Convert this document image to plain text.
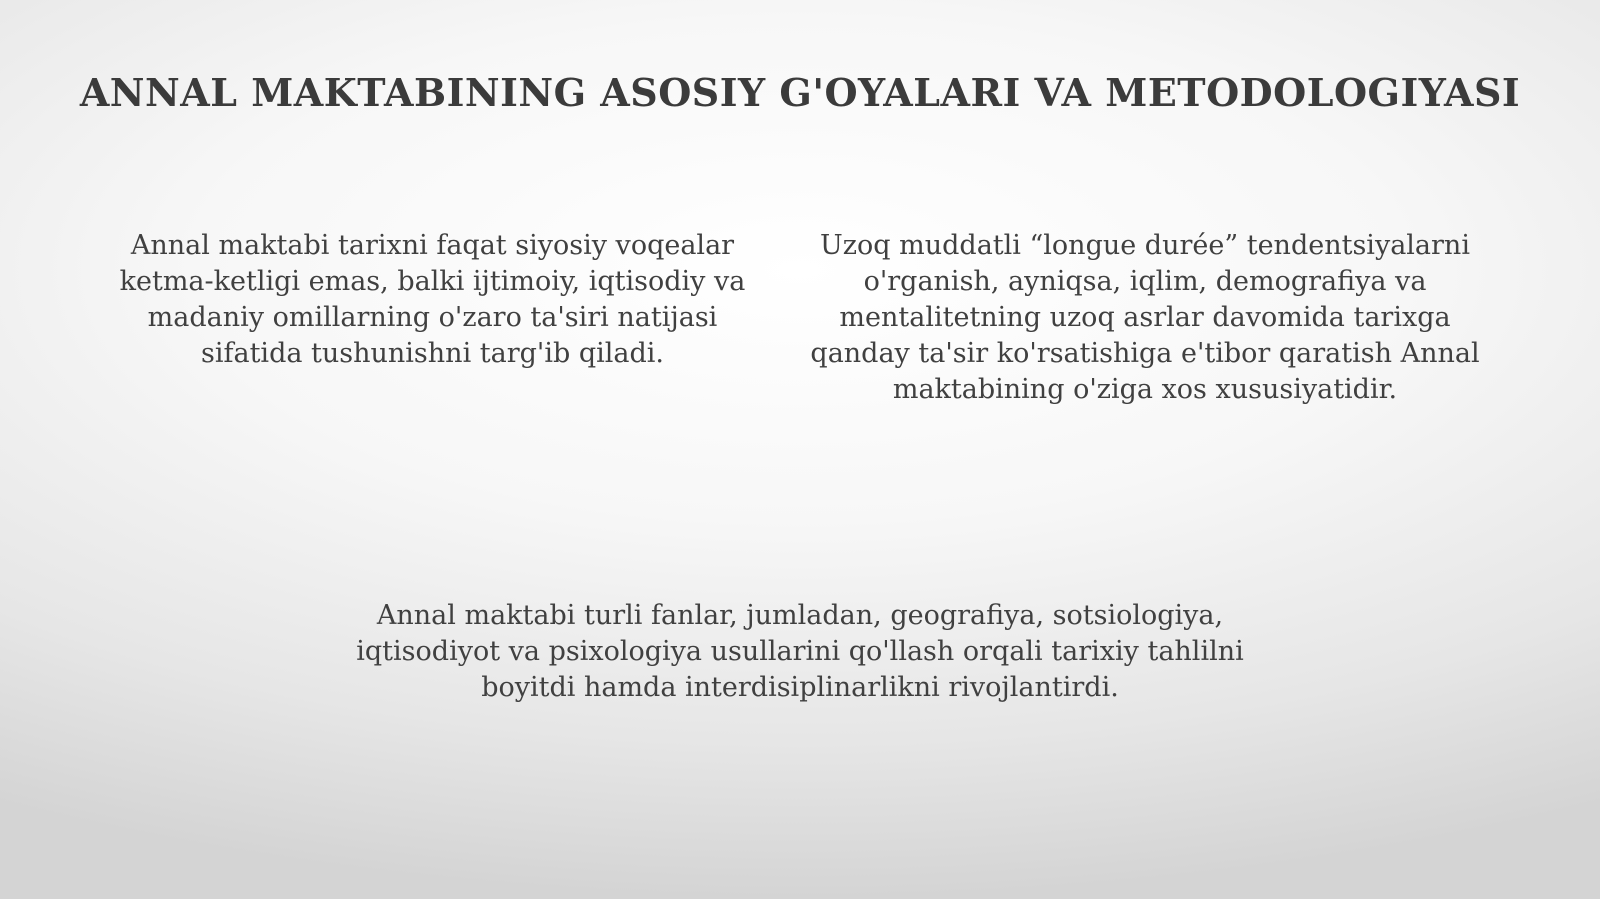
ANNAL MAKTABINING ASOSIY G'OYALARI VA METODOLOGIYASI

Annal maktabi tarixni faqat siyosiy voqealar ketma-ketligi emas, balki ijtimoiy, iqtisodiy va madaniy omillarning o'zaro ta'siri natijasi sifatida tushunishni targ'ib qiladi.

Uzoq muddatli “longue durée” tendentsiyalarni o'rganish, ayniqsa, iqlim, demografiya va mentalitetning uzoq asrlar davomida tarixga qanday ta'sir ko'rsatishiga e'tibor qaratish Annal maktabining o'ziga xos xususiyatidir.

Annal maktabi turli fanlar, jumladan, geografiya, sotsiologiya, iqtisodiyot va psixologiya usullarini qo'llash orqali tarixiy tahlilni boyitdi hamda interdisiplinarlikni rivojlantirdi.
